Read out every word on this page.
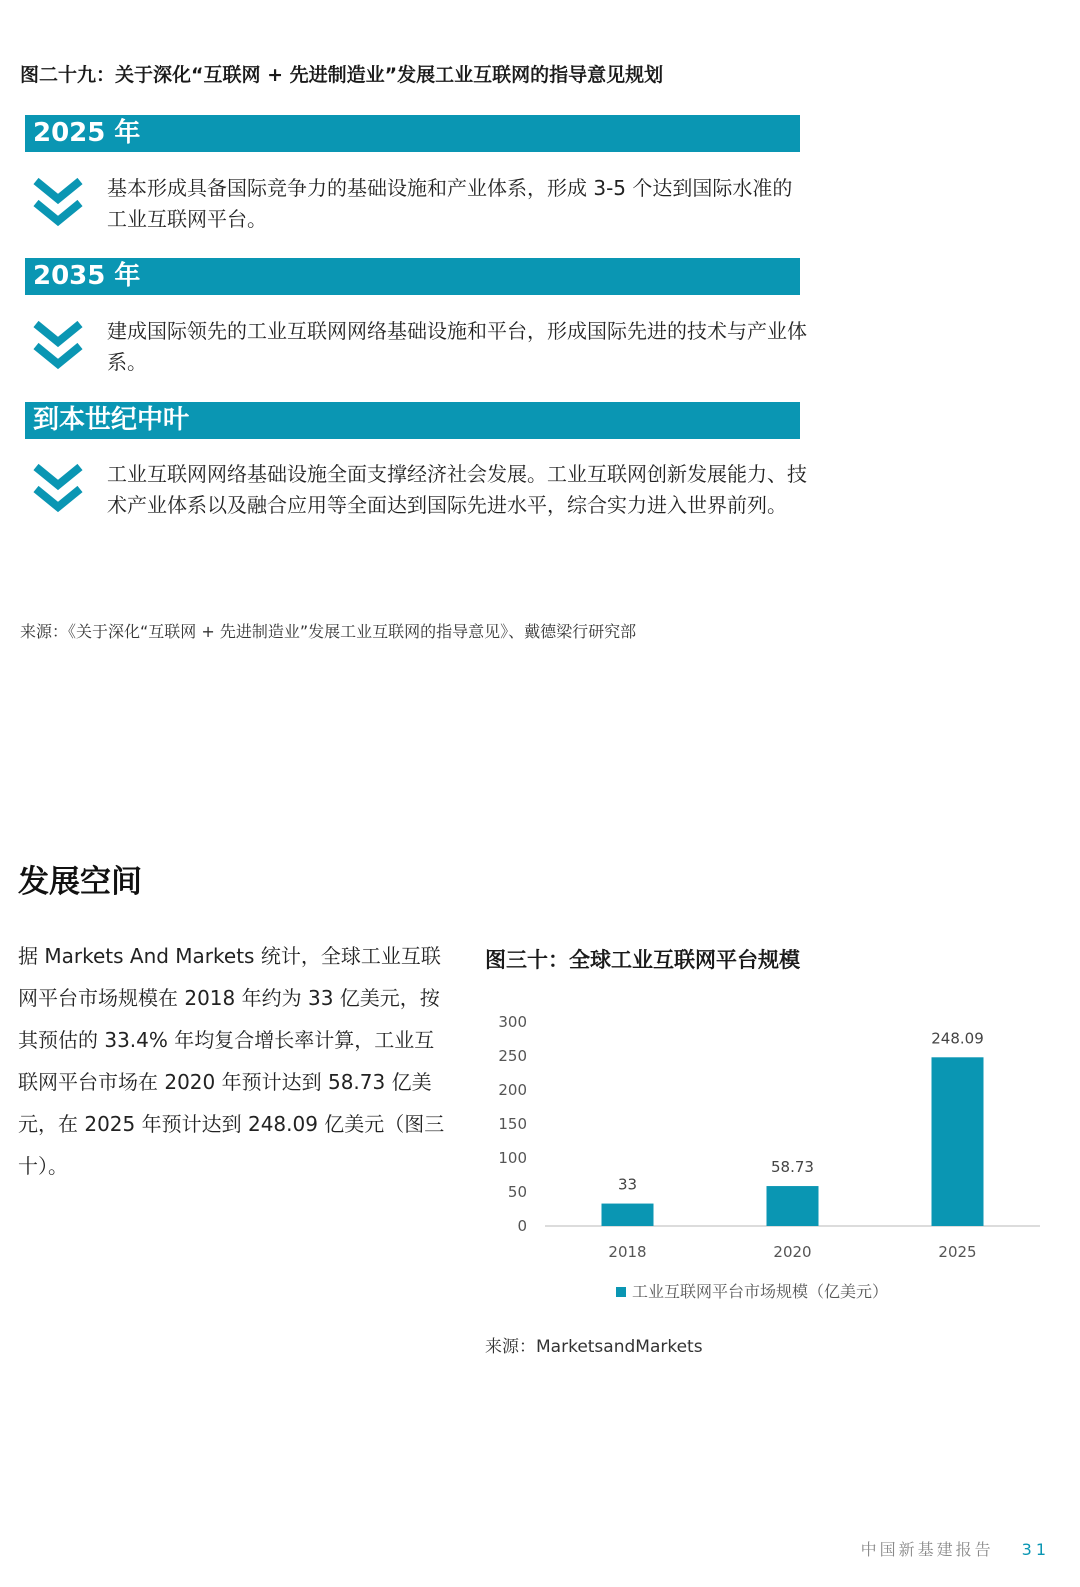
图二十九：关于深化“互联网 + 先进制造业”发展工业互联网的指导意见规划
2025 年

基本形成具备国际竞争力的基础设施和产业体系，形成 3-5 个达到国际水准的工业互联网平台。

2035 年

建成国际领先的工业互联网网络基础设施和平台，形成国际先进的技术与产业体系。

到本世纪中叶

工业互联网网络基础设施全面支撑经济社会发展。工业互联网创新发展能力、技术产业体系以及融合应用等全面达到国际先进水平，综合实力进入世界前列。

来源：《关于深化“互联网 + 先进制造业”发展工业互联网的指导意见》、戴德梁行研究部

发展空间

据 Markets And Markets 统计，全球工业互联网平台市场规模在 2018 年约为 33 亿美元，按其预估的 33.4% 年均复合增长率计算，工业互联网平台市场在 2020 年预计达到 58.73 亿美元，在 2025 年预计达到 248.09 亿美元（图三十）。

图三十：全球工业互联网平台规模
300
250
200
150
100
50
0
33
58.73
248.09
2018	2020	2025
工业互联网平台市场规模（亿美元）

来源：MarketsandMarkets

中国新基建报告 31
